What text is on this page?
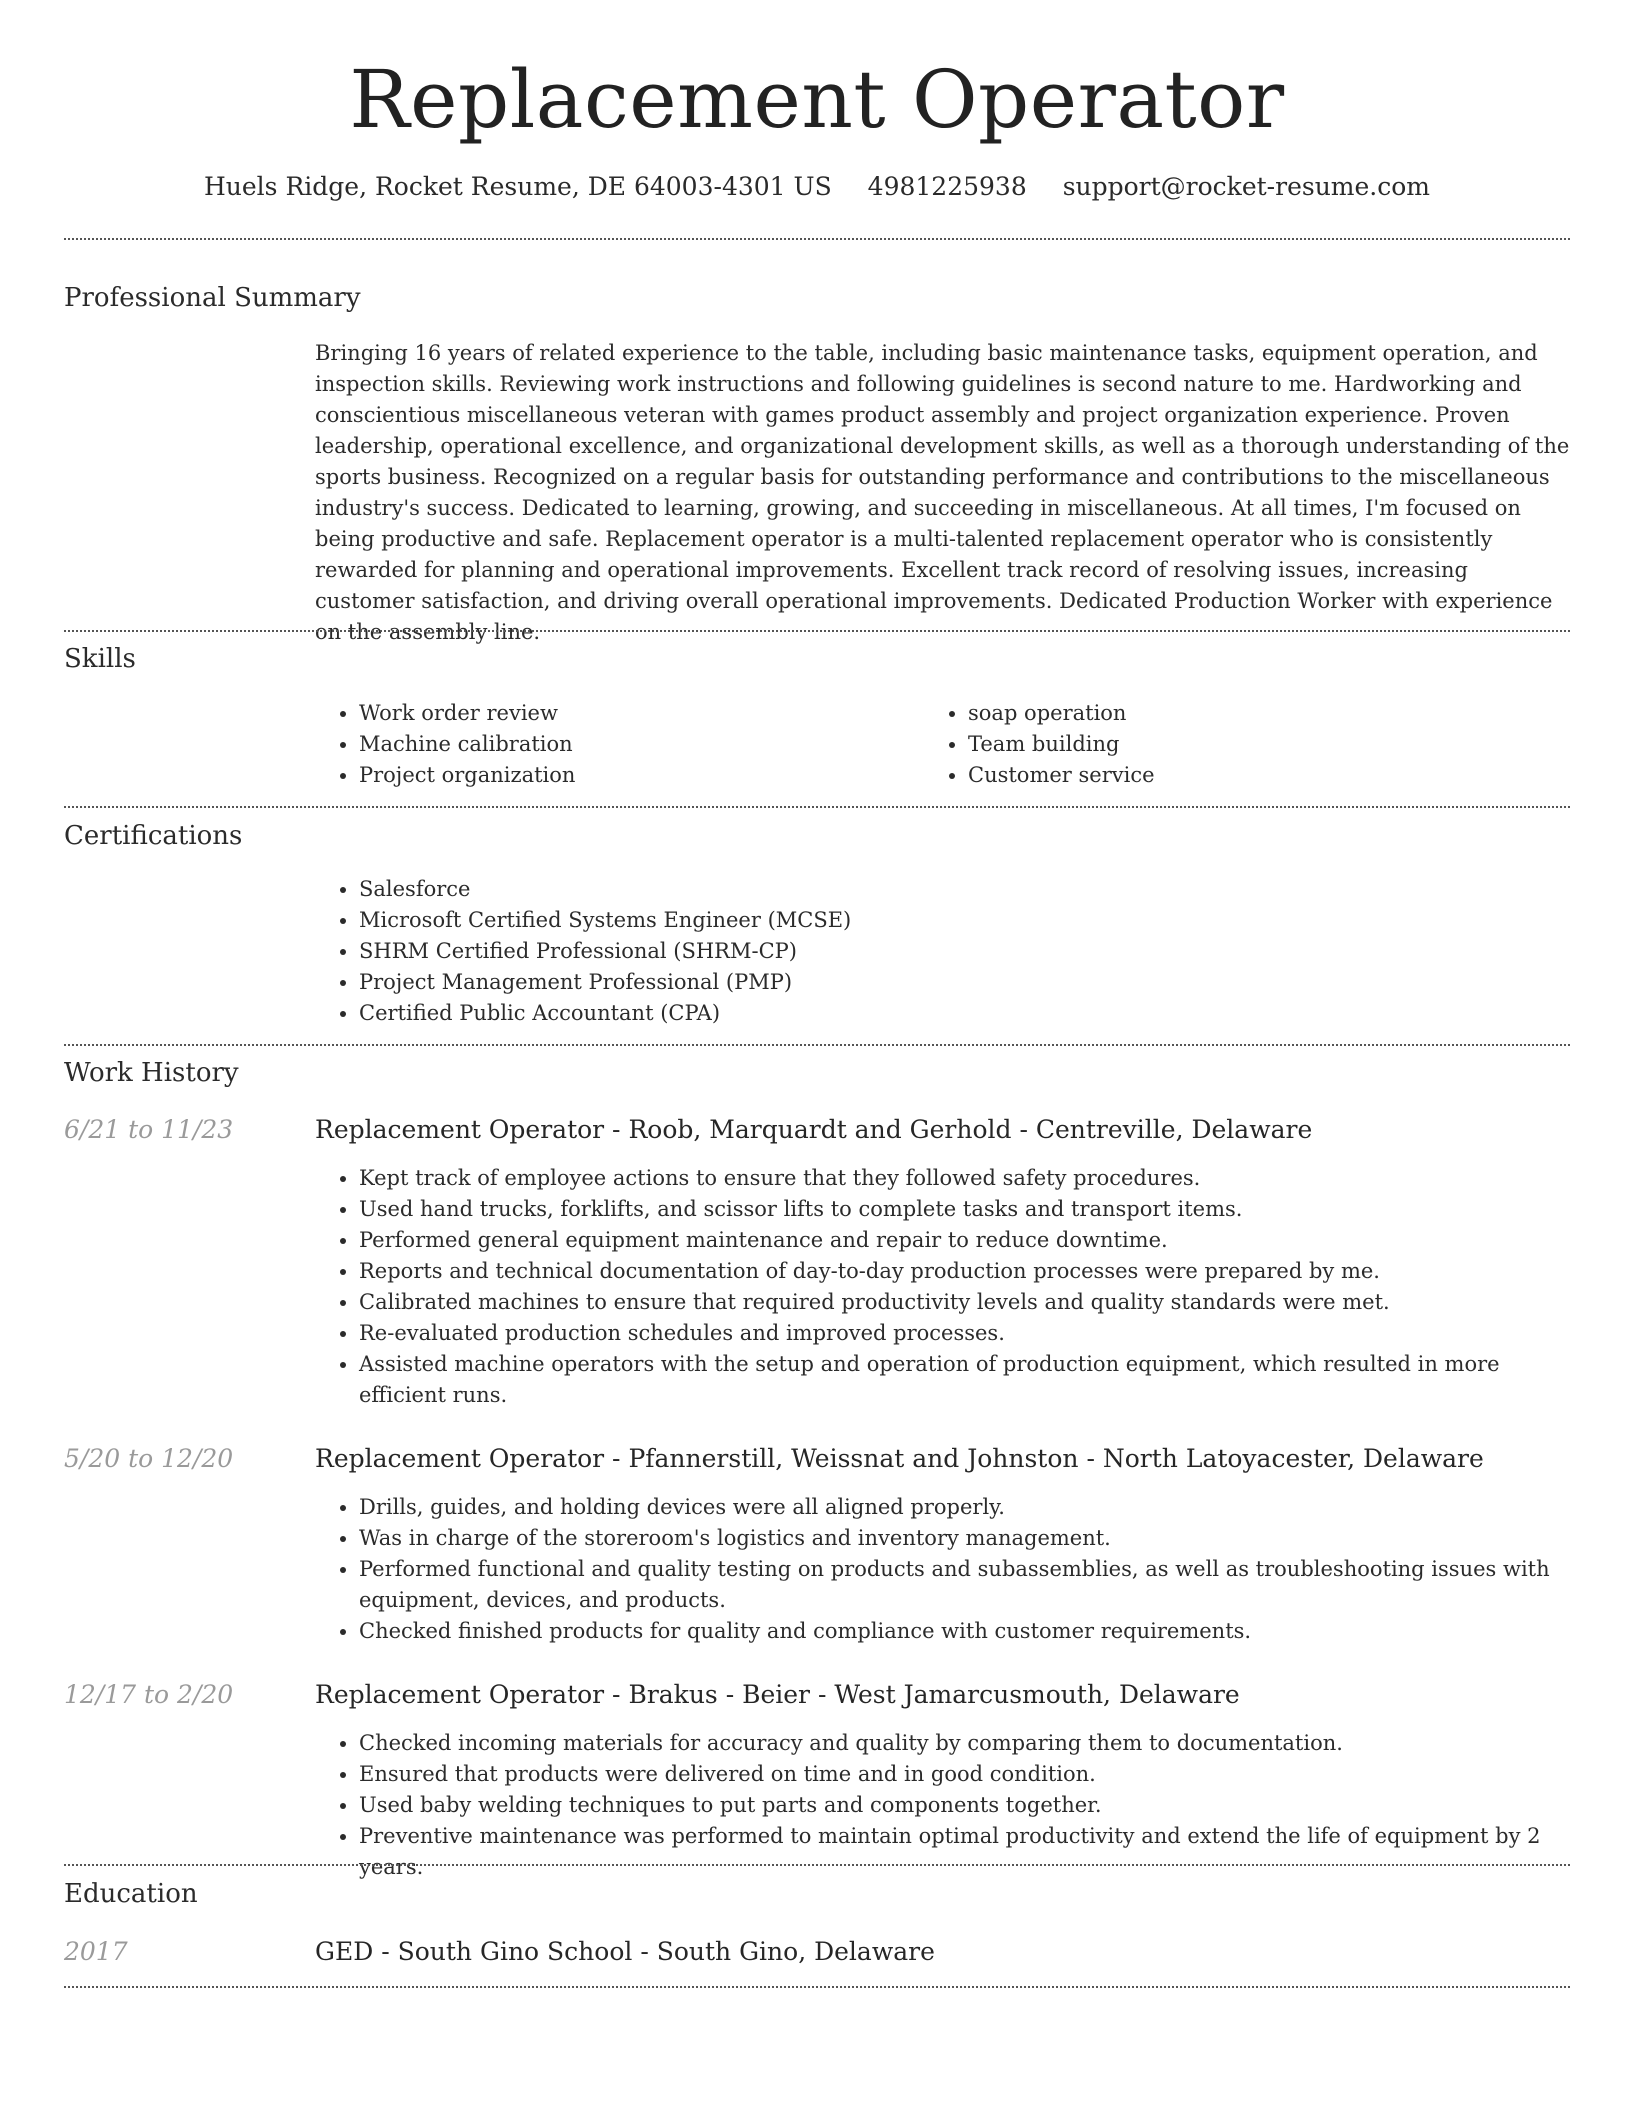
Replacement Operator
Huels Ridge, Rocket Resume, DE 64003-4301 US 4981225938 support@rocket-resume.com
Professional Summary
Bringing 16 years of related experience to the table, including basic maintenance tasks, equipment operation, and inspection skills. Reviewing work instructions and following guidelines is second nature to me. Hardworking and conscientious miscellaneous veteran with games product assembly and project organization experience. Proven leadership, operational excellence, and organizational development skills, as well as a thorough understanding of the sports business. Recognized on a regular basis for outstanding performance and contributions to the miscellaneous industry's success. Dedicated to learning, growing, and succeeding in miscellaneous. At all times, I'm focused on being productive and safe. Replacement operator is a multi-talented replacement operator who is consistently rewarded for planning and operational improvements. Excellent track record of resolving issues, increasing customer satisfaction, and driving overall operational improvements. Dedicated Production Worker with experience on the assembly line.
Skills
• Work order review
• Machine calibration
• Project organization
• soap operation
• Team building
• Customer service
Certifications
• Salesforce
• Microsoft Certified Systems Engineer (MCSE)
• SHRM Certified Professional (SHRM-CP)
• Project Management Professional (PMP)
• Certified Public Accountant (CPA)
Work History
6/21 to 11/23	Replacement Operator - Roob, Marquardt and Gerhold - Centreville, Delaware
• Kept track of employee actions to ensure that they followed safety procedures.
• Used hand trucks, forklifts, and scissor lifts to complete tasks and transport items.
• Performed general equipment maintenance and repair to reduce downtime.
• Reports and technical documentation of day-to-day production processes were prepared by me.
• Calibrated machines to ensure that required productivity levels and quality standards were met.
• Re-evaluated production schedules and improved processes.
• Assisted machine operators with the setup and operation of production equipment, which resulted in more efficient runs.
5/20 to 12/20	Replacement Operator - Pfannerstill, Weissnat and Johnston - North Latoyacester, Delaware
• Drills, guides, and holding devices were all aligned properly.
• Was in charge of the storeroom's logistics and inventory management.
• Performed functional and quality testing on products and subassemblies, as well as troubleshooting issues with equipment, devices, and products.
• Checked finished products for quality and compliance with customer requirements.
12/17 to 2/20	Replacement Operator - Brakus - Beier - West Jamarcusmouth, Delaware
• Checked incoming materials for accuracy and quality by comparing them to documentation.
• Ensured that products were delivered on time and in good condition.
• Used baby welding techniques to put parts and components together.
• Preventive maintenance was performed to maintain optimal productivity and extend the life of equipment by 2 years.
Education
2017	GED - South Gino School - South Gino, Delaware
